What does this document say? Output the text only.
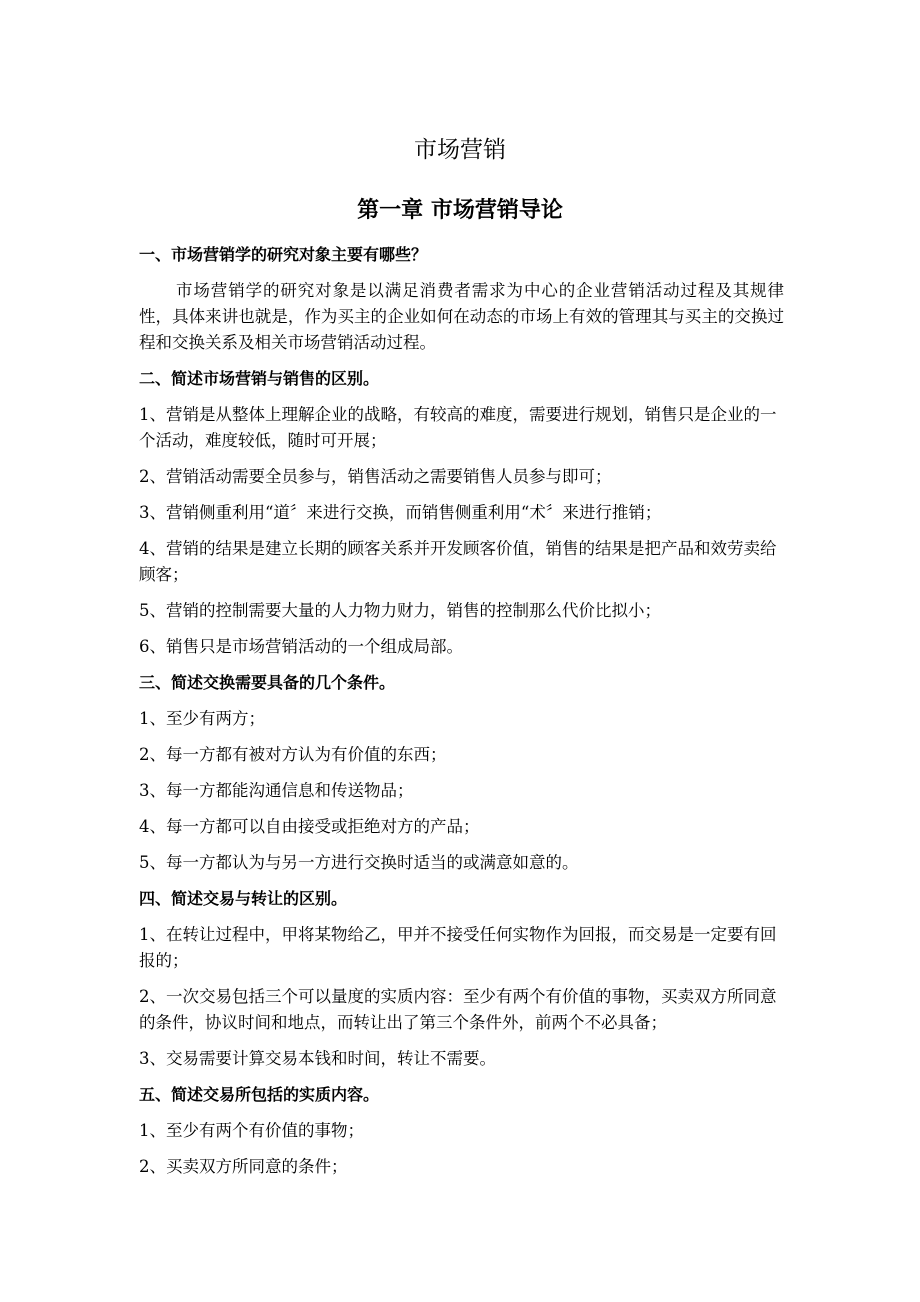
市场营销
第一章 市场营销导论
一、市场营销学的研究对象主要有哪些？
市场营销学的研究对象是以满足消费者需求为中心的企业营销活动过程及其规律性，具体来讲也就是，作为买主的企业如何在动态的市场上有效的管理其与买主的交换过程和交换关系及相关市场营销活动过程。
二、简述市场营销与销售的区别。
1、营销是从整体上理解企业的战略，有较高的难度，需要进行规划，销售只是企业的一个活动，难度较低，随时可开展；
2、营销活动需要全员参与，销售活动之需要销售人员参与即可；
3、营销侧重利用“道〞来进行交换，而销售侧重利用“术〞来进行推销；
4、营销的结果是建立长期的顾客关系并开发顾客价值，销售的结果是把产品和效劳卖给顾客；
5、营销的控制需要大量的人力物力财力，销售的控制那么代价比拟小；
6、销售只是市场营销活动的一个组成局部。
三、简述交换需要具备的几个条件。
1、至少有两方；
2、每一方都有被对方认为有价值的东西；
3、每一方都能沟通信息和传送物品；
4、每一方都可以自由接受或拒绝对方的产品；
5、每一方都认为与另一方进行交换时适当的或满意如意的。
四、简述交易与转让的区别。
1、在转让过程中，甲将某物给乙，甲并不接受任何实物作为回报，而交易是一定要有回报的；
2、一次交易包括三个可以量度的实质内容：至少有两个有价值的事物，买卖双方所同意的条件，协议时间和地点，而转让出了第三个条件外，前两个不必具备；
3、交易需要计算交易本钱和时间，转让不需要。
五、简述交易所包括的实质内容。
1、至少有两个有价值的事物；
2、买卖双方所同意的条件；
